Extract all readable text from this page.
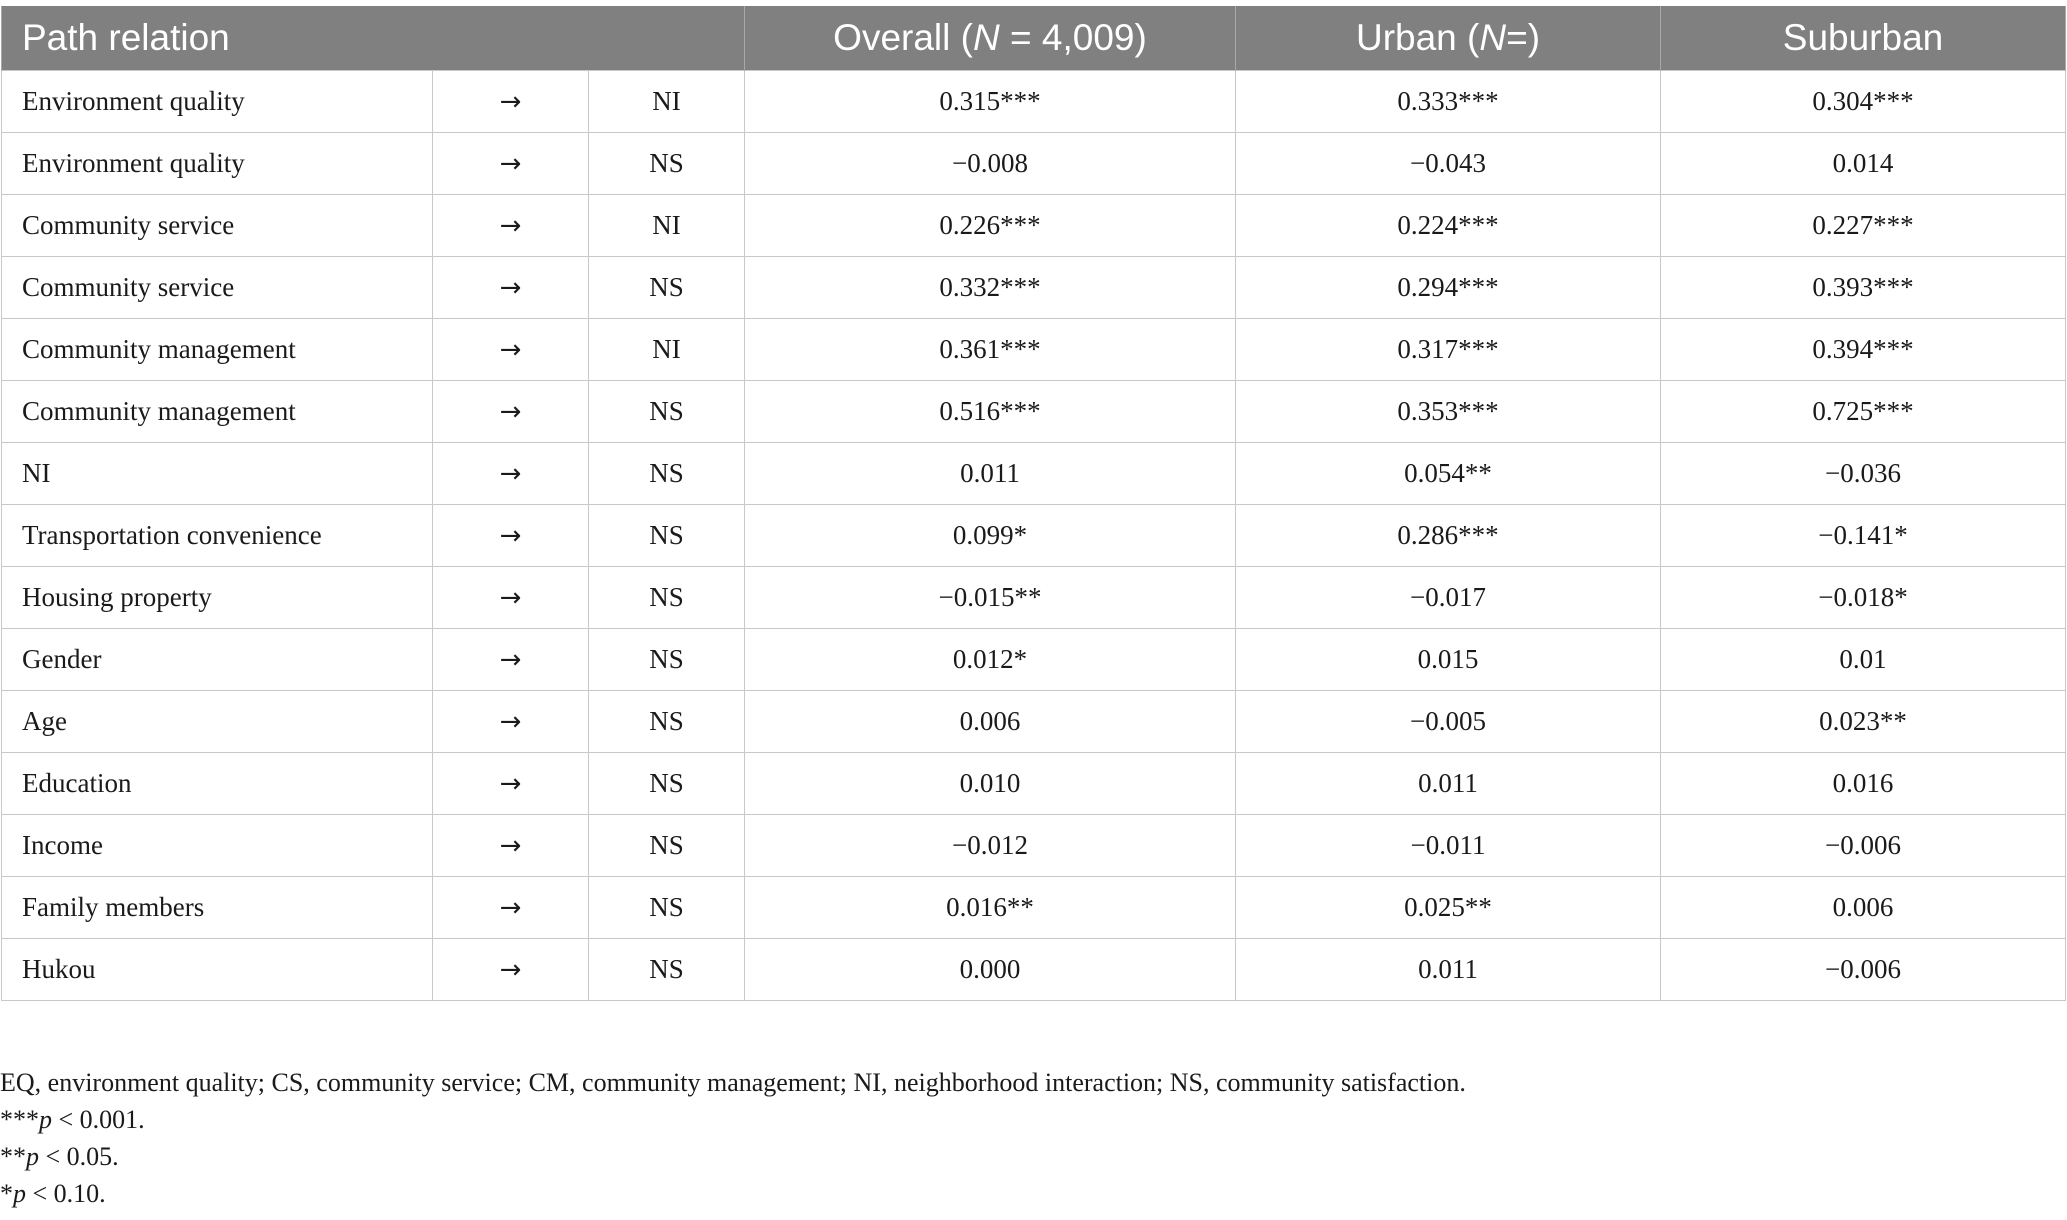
Path relation			Overall (N = 4,009)	Urban (N=)	Suburban
Environment quality	→	NI	0.315***	0.333***	0.304***
Environment quality	→	NS	−0.008	−0.043	0.014
Community service	→	NI	0.226***	0.224***	0.227***
Community service	→	NS	0.332***	0.294***	0.393***
Community management	→	NI	0.361***	0.317***	0.394***
Community management	→	NS	0.516***	0.353***	0.725***
NI	→	NS	0.011	0.054**	−0.036
Transportation convenience	→	NS	0.099*	0.286***	−0.141*
Housing property	→	NS	−0.015**	−0.017	−0.018*
Gender	→	NS	0.012*	0.015	0.01
Age	→	NS	0.006	−0.005	0.023**
Education	→	NS	0.010	0.011	0.016
Income	→	NS	−0.012	−0.011	−0.006
Family members	→	NS	0.016**	0.025**	0.006
Hukou	→	NS	0.000	0.011	−0.006
EQ, environment quality; CS, community service; CM, community management; NI, neighborhood interaction; NS, community satisfaction.
***p < 0.001.
**p < 0.05.
*p < 0.10.
